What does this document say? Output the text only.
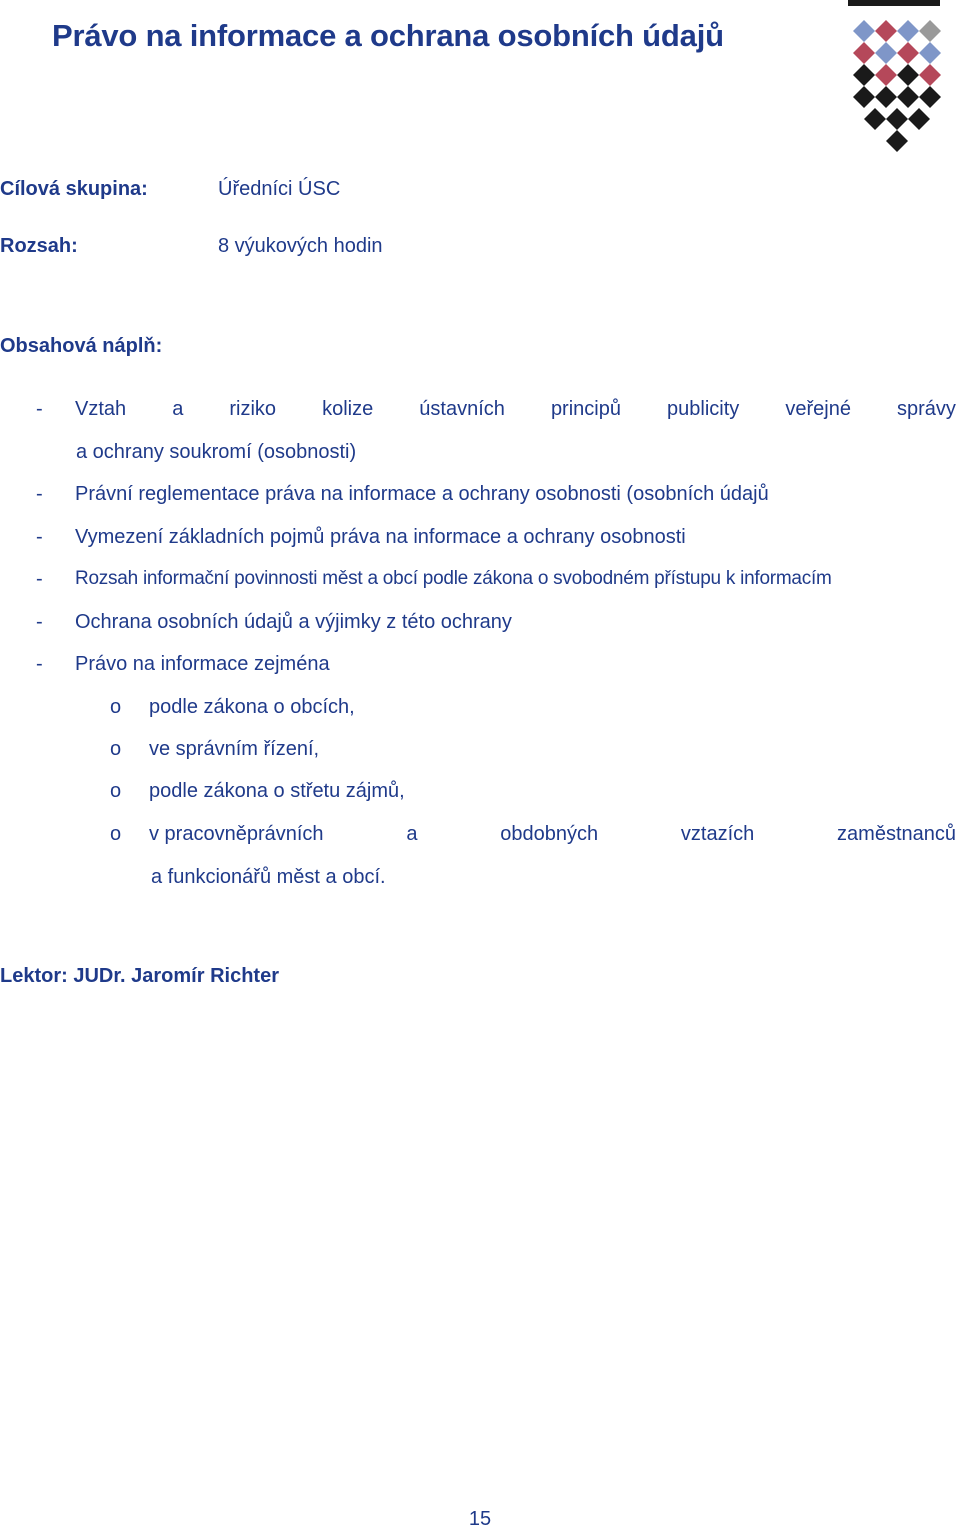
Právo na informace a ochrana osobních údajů
Cílová skupina:	Úředníci ÚSC
Rozsah:	8 výukových hodin
Obsahová náplň:
- Vztah a riziko kolize ústavních principů publicity veřejné správy
a ochrany soukromí (osobnosti)
- Právní reglementace práva na informace a ochrany osobnosti (osobních údajů
- Vymezení základních pojmů práva na informace a ochrany osobnosti
- Rozsah informační povinnosti měst a obcí podle zákona o svobodném přístupu k informacím
- Ochrana osobních údajů a výjimky z této ochrany
- Právo na informace zejména
o podle zákona o obcích,
o ve správním řízení,
o podle zákona o střetu zájmů,
o v pracovněprávních	a	obdobných	vztazích	zaměstnanců
a funkcionářů měst a obcí.

Lektor: JUDr. Jaromír Richter

15
